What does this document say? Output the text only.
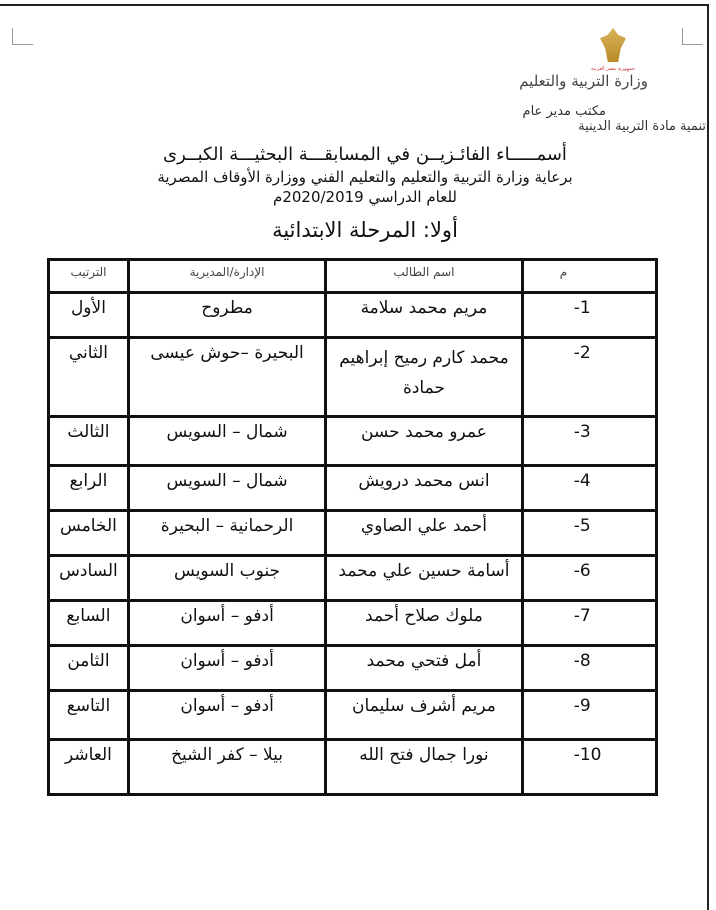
جمهورية مصر العربية
وزارة التربية والتعليم
مكتب مدير عام
تنمية مادة التربية الدينية
أسمـــــاء الفائـزيــن في المسابقـــة البحثيـــة الكبــرى
برعاية وزارة التربية والتعليم والتعليم الفني ووزارة الأوقاف المصرية
للعام الدراسي 2020/2019م
أولا: المرحلة الابتدائية
م	اسم الطالب	الإدارة/المديرية	الترتيب
-1	مريم محمد سلامة	مطروح	الأول
-2	محمد كارم رميح إبراهيم حمادة	البحيرة –حوش عيسى	الثاني
-3	عمرو محمد حسن	شمال – السويس	الثالث
-4	انس محمد درويش	شمال – السويس	الرابع
-5	أحمد علي الصاوي	الرحمانية – البحيرة	الخامس
-6	أسامة حسين علي محمد	جنوب السويس	السادس
-7	ملوك صلاح أحمد	أدفو – أسوان	السابع
-8	أمل فتحي محمد	أدفو – أسوان	الثامن
-9	مريم أشرف سليمان	أدفو – أسوان	التاسع
-10	نورا جمال فتح الله	بيلا – كفر الشيخ	العاشر
